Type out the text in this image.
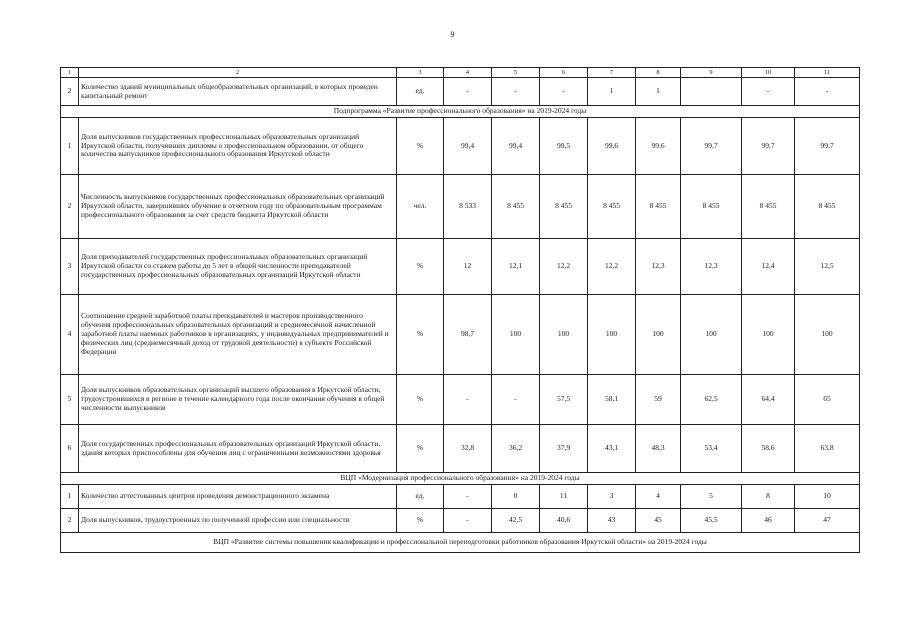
9
1	2	3	4	5	6	7	8	9	10	11
2	Количество зданий муниципальных общеобразовательных организаций, в которых проведен капитальный ремонт	ед.	-	-	-	1	1		-	-
Подпрограмма «Развитие профессионального образования» на 2019-2024 годы										
1	Доля выпускников государственных профессиональных образовательных организаций Иркутской области, получивших дипломы о профессиональном образовании, от общего количества выпускников профессионального образования Иркутской области	%	99,4	99,4	99,5	99,6	99,6	99,7	99,7	99,7
2	Численность выпускников государственных профессиональных образовательных организаций Иркутской области, завершивших обучение в отчетном году по образовательным программам профессионального образования за счет средств бюджета Иркутской области	чел.	8 533	8 455	8 455	8 455	8 455	8 455	8 455	8 455
3	Доля преподавателей государственных профессиональных образовательных организаций Иркутской области со стажем работы до 5 лет в общей численности преподавателей государственных профессиональных образовательных организаций Иркутской области	%	12	12,1	12,2	12,2	12,3	12,3	12,4	12,5
4	Соотношение средней заработной платы преподавателей и мастеров производственного обучения профессиональных образовательных организаций и среднемесячной начисленной заработной платы наемных работников в организациях, у индивидуальных предпринимателей и физических лиц (среднемесячный доход от трудовой деятельности) в субъекте Российской Федерации	%	98,7	100	100	100	100	100	100	100
5	Доля выпускников образовательных организаций высшего образования в Иркутской области, трудоустроившихся в регионе в течение календарного года после окончания обучения в общей численности выпускников	%	-	-	57,5	58,1	59	62,5	64,4	65
6	Доля государственных профессиональных образовательных организаций Иркутской области, здания которых приспособлены для обучения лиц с ограниченными возможностями здоровья	%	32,8	36,2	37,9	43,1	48,3	53,4	58,6	63,8
ВЦП «Модернизация профессионального образования» на 2019-2024 годы										
1	Количество аттестованных центров проведения демонстрационного экзамена	ед.	-	0	11	3	4	5	8	10
2	Доля выпускников, трудоустроенных по полученной профессии или специальности	%	-	42,5	40,6	43	45	45,5	46	47
ВЦП «Развитие системы повышения квалификации и профессиональной переподготовки работников образования Иркутской области» на 2019-2024 годы										
